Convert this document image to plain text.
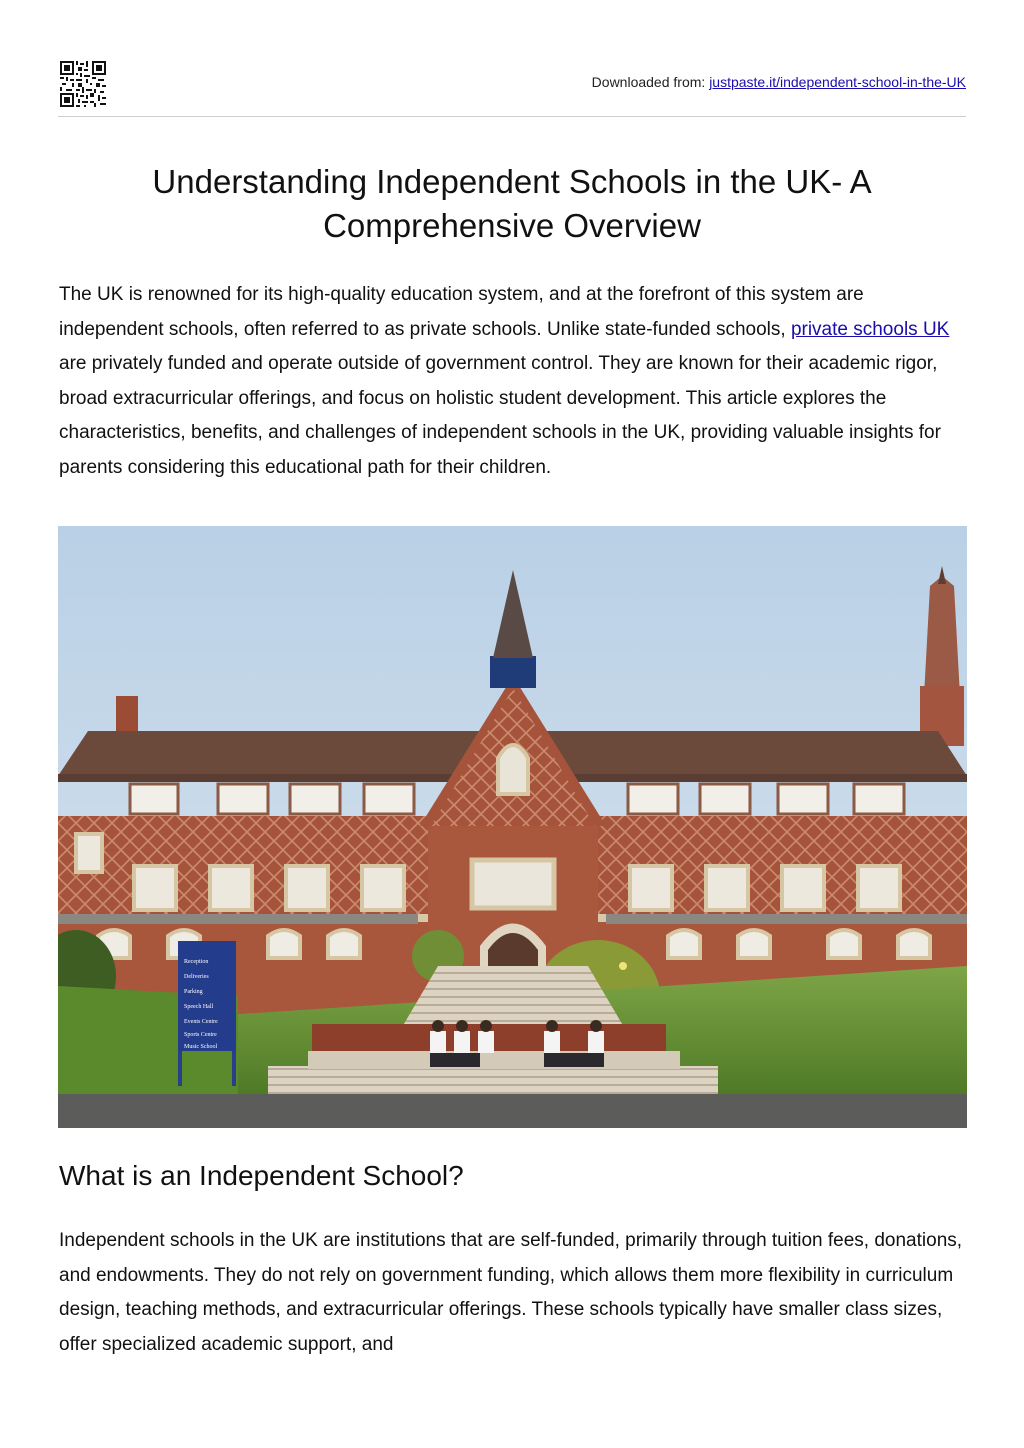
Downloaded from: justpaste.it/independent-school-in-the-UK
Understanding Independent Schools in the UK- A Comprehensive Overview

The UK is renowned for its high-quality education system, and at the forefront of this system are independent schools, often referred to as private schools. Unlike state-funded schools, private schools UK are privately funded and operate outside of government control. They are known for their academic rigor, broad extracurricular offerings, and focus on holistic student development. This article explores the characteristics, benefits, and challenges of independent schools in the UK, providing valuable insights for parents considering this educational path for their children.

Reception
Deliveries
Parking
Speech Hall
Events Centre
Sports Centre
Music School
What is an Independent School?

Independent schools in the UK are institutions that are self-funded, primarily through tuition fees, donations, and endowments. They do not rely on government funding, which allows them more flexibility in curriculum design, teaching methods, and extracurricular offerings. These schools typically have smaller class sizes, offer specialized academic support, and
